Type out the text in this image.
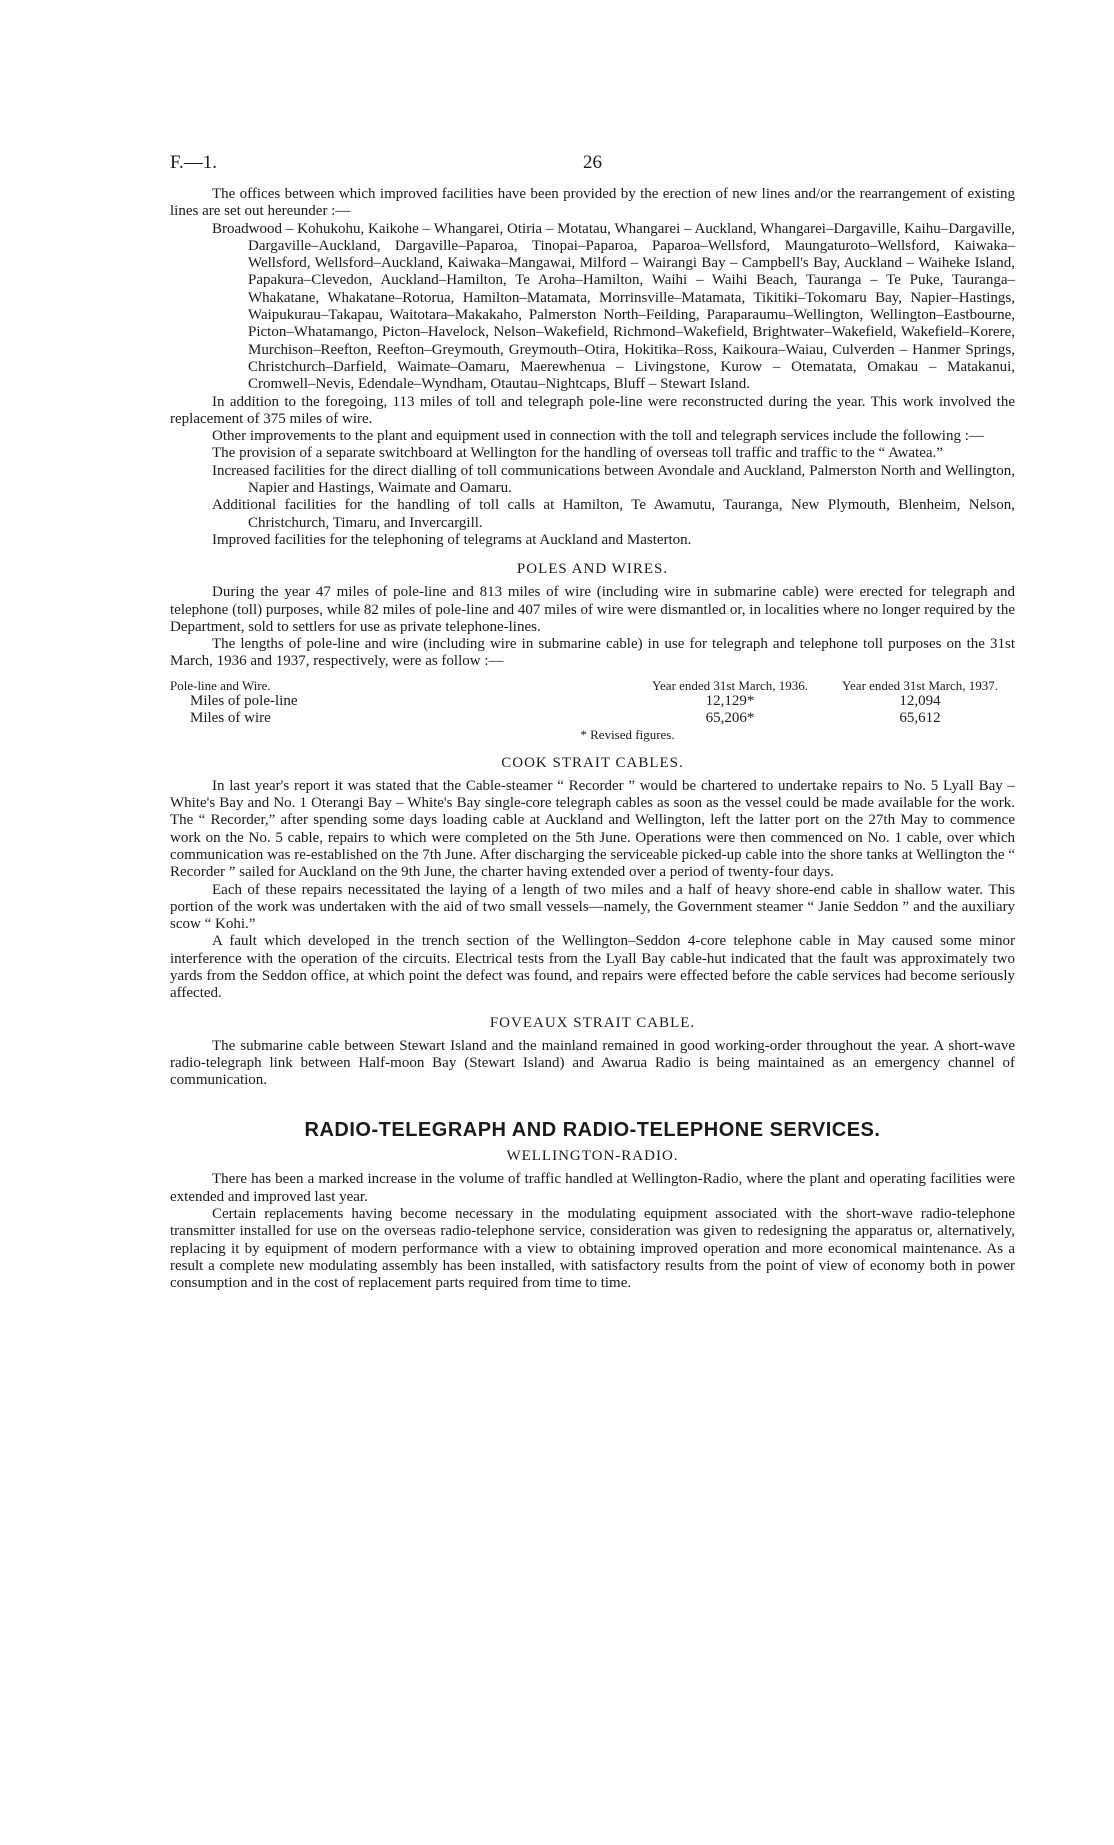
F.—1.	26

The offices between which improved facilities have been provided by the erection of new lines and/or the rearrangement of existing lines are set out hereunder :—

Broadwood – Kohukohu, Kaikohe – Whangarei, Otiria – Motatau, Whangarei – Auckland, Whangarei–Dargaville, Kaihu–Dargaville, Dargaville–Auckland, Dargaville–Paparoa, Tinopai–Paparoa, Paparoa–Wellsford, Maungaturoto–Wellsford, Kaiwaka–Wellsford, Wellsford–Auckland, Kaiwaka–Mangawai, Milford – Wairangi Bay – Campbell's Bay, Auckland – Waiheke Island, Papakura–Clevedon, Auckland–Hamilton, Te Aroha–Hamilton, Waihi – Waihi Beach, Tauranga – Te Puke, Tauranga–Whakatane, Whakatane–Rotorua, Hamilton–Matamata, Morrinsville–Matamata, Tikitiki–Tokomaru Bay, Napier–Hastings, Waipukurau–Takapau, Waitotara–Makakaho, Palmerston North–Feilding, Paraparaumu–Wellington, Wellington–Eastbourne, Picton–Whatamango, Picton–Havelock, Nelson–Wakefield, Richmond–Wakefield, Brightwater–Wakefield, Wakefield–Korere, Murchison–Reefton, Reefton–Greymouth, Greymouth–Otira, Hokitika–Ross, Kaikoura–Waiau, Culverden – Hanmer Springs, Christchurch–Darfield, Waimate–Oamaru, Maerewhenua – Livingstone, Kurow – Otematata, Omakau – Matakanui, Cromwell–Nevis, Edendale–Wyndham, Otautau–Nightcaps, Bluff – Stewart Island.

In addition to the foregoing, 113 miles of toll and telegraph pole-line were reconstructed during the year. This work involved the replacement of 375 miles of wire.

Other improvements to the plant and equipment used in connection with the toll and telegraph services include the following :—

The provision of a separate switchboard at Wellington for the handling of overseas toll traffic and traffic to the “ Awatea.”

Increased facilities for the direct dialling of toll communications between Avondale and Auckland, Palmerston North and Wellington, Napier and Hastings, Waimate and Oamaru.

Additional facilities for the handling of toll calls at Hamilton, Te Awamutu, Tauranga, New Plymouth, Blenheim, Nelson, Christchurch, Timaru, and Invercargill.

Improved facilities for the telephoning of telegrams at Auckland and Masterton.

POLES AND WIRES.

During the year 47 miles of pole-line and 813 miles of wire (including wire in submarine cable) were erected for telegraph and telephone (toll) purposes, while 82 miles of pole-line and 407 miles of wire were dismantled or, in localities where no longer required by the Department, sold to settlers for use as private telephone-lines.

The lengths of pole-line and wire (including wire in submarine cable) in use for telegraph and telephone toll purposes on the 31st March, 1936 and 1937, respectively, were as follow :—

Pole-line and Wire.	Year ended 31st March, 1936.	Year ended 31st March, 1937.
Miles of pole-line	12,129*	12,094
Miles of wire	65,206*	65,612
* Revised figures.
COOK STRAIT CABLES.

In last year's report it was stated that the Cable-steamer “ Recorder ” would be chartered to undertake repairs to No. 5 Lyall Bay – White's Bay and No. 1 Oterangi Bay – White's Bay single-core telegraph cables as soon as the vessel could be made available for the work. The “ Recorder,” after spending some days loading cable at Auckland and Wellington, left the latter port on the 27th May to commence work on the No. 5 cable, repairs to which were completed on the 5th June. Operations were then commenced on No. 1 cable, over which communication was re-established on the 7th June. After discharging the serviceable picked-up cable into the shore tanks at Wellington the “ Recorder ” sailed for Auckland on the 9th June, the charter having extended over a period of twenty-four days.

Each of these repairs necessitated the laying of a length of two miles and a half of heavy shore-end cable in shallow water. This portion of the work was undertaken with the aid of two small vessels—namely, the Government steamer “ Janie Seddon ” and the auxiliary scow “ Kohi.”

A fault which developed in the trench section of the Wellington–Seddon 4-core telephone cable in May caused some minor interference with the operation of the circuits. Electrical tests from the Lyall Bay cable-hut indicated that the fault was approximately two yards from the Seddon office, at which point the defect was found, and repairs were effected before the cable services had become seriously affected.

FOVEAUX STRAIT CABLE.

The submarine cable between Stewart Island and the mainland remained in good working-order throughout the year. A short-wave radio-telegraph link between Half-moon Bay (Stewart Island) and Awarua Radio is being maintained as an emergency channel of communication.

RADIO-TELEGRAPH AND RADIO-TELEPHONE SERVICES.
WELLINGTON-RADIO.

There has been a marked increase in the volume of traffic handled at Wellington-Radio, where the plant and operating facilities were extended and improved last year.

Certain replacements having become necessary in the modulating equipment associated with the short-wave radio-telephone transmitter installed for use on the overseas radio-telephone service, consideration was given to redesigning the apparatus or, alternatively, replacing it by equipment of modern performance with a view to obtaining improved operation and more economical maintenance. As a result a complete new modulating assembly has been installed, with satisfactory results from the point of view of economy both in power consumption and in the cost of replacement parts required from time to time.
